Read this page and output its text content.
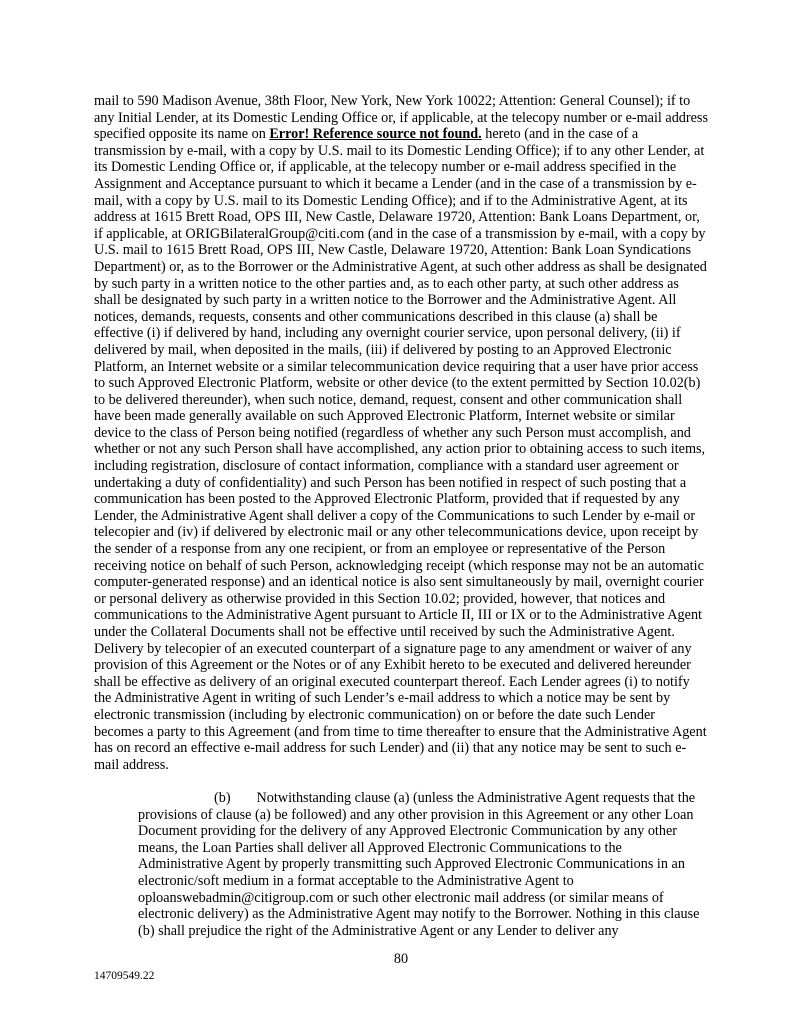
mail to 590 Madison Avenue, 38th Floor, New York, New York 10022; Attention: General Counsel); if to any Initial Lender, at its Domestic Lending Office or, if applicable, at the telecopy number or e-mail address specified opposite its name on Error! Reference source not found. hereto (and in the case of a transmission by e-mail, with a copy by U.S. mail to its Domestic Lending Office); if to any other Lender, at its Domestic Lending Office or, if applicable, at the telecopy number or e-mail address specified in the Assignment and Acceptance pursuant to which it became a Lender (and in the case of a transmission by e-mail, with a copy by U.S. mail to its Domestic Lending Office); and if to the Administrative Agent, at its address at 1615 Brett Road, OPS III, New Castle, Delaware 19720, Attention: Bank Loans Department, or, if applicable, at ORIGBilateralGroup@citi.com (and in the case of a transmission by e-mail, with a copy by U.S. mail to 1615 Brett Road, OPS III, New Castle, Delaware 19720, Attention: Bank Loan Syndications Department) or, as to the Borrower or the Administrative Agent, at such other address as shall be designated by such party in a written notice to the other parties and, as to each other party, at such other address as shall be designated by such party in a written notice to the Borrower and the Administrative Agent. All notices, demands, requests, consents and other communications described in this clause (a) shall be effective (i) if delivered by hand, including any overnight courier service, upon personal delivery, (ii) if delivered by mail, when deposited in the mails, (iii) if delivered by posting to an Approved Electronic Platform, an Internet website or a similar telecommunication device requiring that a user have prior access to such Approved Electronic Platform, website or other device (to the extent permitted by Section 10.02(b) to be delivered thereunder), when such notice, demand, request, consent and other communication shall have been made generally available on such Approved Electronic Platform, Internet website or similar device to the class of Person being notified (regardless of whether any such Person must accomplish, and whether or not any such Person shall have accomplished, any action prior to obtaining access to such items, including registration, disclosure of contact information, compliance with a standard user agreement or undertaking a duty of confidentiality) and such Person has been notified in respect of such posting that a communication has been posted to the Approved Electronic Platform, provided that if requested by any Lender, the Administrative Agent shall deliver a copy of the Communications to such Lender by e-mail or telecopier and (iv) if delivered by electronic mail or any other telecommunications device, upon receipt by the sender of a response from any one recipient, or from an employee or representative of the Person receiving notice on behalf of such Person, acknowledging receipt (which response may not be an automatic computer-generated response) and an identical notice is also sent simultaneously by mail, overnight courier or personal delivery as otherwise provided in this Section 10.02; provided, however, that notices and communications to the Administrative Agent pursuant to Article II, III or IX or to the Administrative Agent under the Collateral Documents shall not be effective until received by such the Administrative Agent. Delivery by telecopier of an executed counterpart of a signature page to any amendment or waiver of any provision of this Agreement or the Notes or of any Exhibit hereto to be executed and delivered hereunder shall be effective as delivery of an original executed counterpart thereof. Each Lender agrees (i) to notify the Administrative Agent in writing of such Lender’s e-mail address to which a notice may be sent by electronic transmission (including by electronic communication) on or before the date such Lender becomes a party to this Agreement (and from time to time thereafter to ensure that the Administrative Agent has on record an effective e-mail address for such Lender) and (ii) that any notice may be sent to such e-mail address.

(b) Notwithstanding clause (a) (unless the Administrative Agent requests that the provisions of clause (a) be followed) and any other provision in this Agreement or any other Loan Document providing for the delivery of any Approved Electronic Communication by any other means, the Loan Parties shall deliver all Approved Electronic Communications to the Administrative Agent by properly transmitting such Approved Electronic Communications in an electronic/soft medium in a format acceptable to the Administrative Agent to oploanswebadmin@citigroup.com or such other electronic mail address (or similar means of electronic delivery) as the Administrative Agent may notify to the Borrower. Nothing in this clause (b) shall prejudice the right of the Administrative Agent or any Lender to deliver any

80
14709549.22
